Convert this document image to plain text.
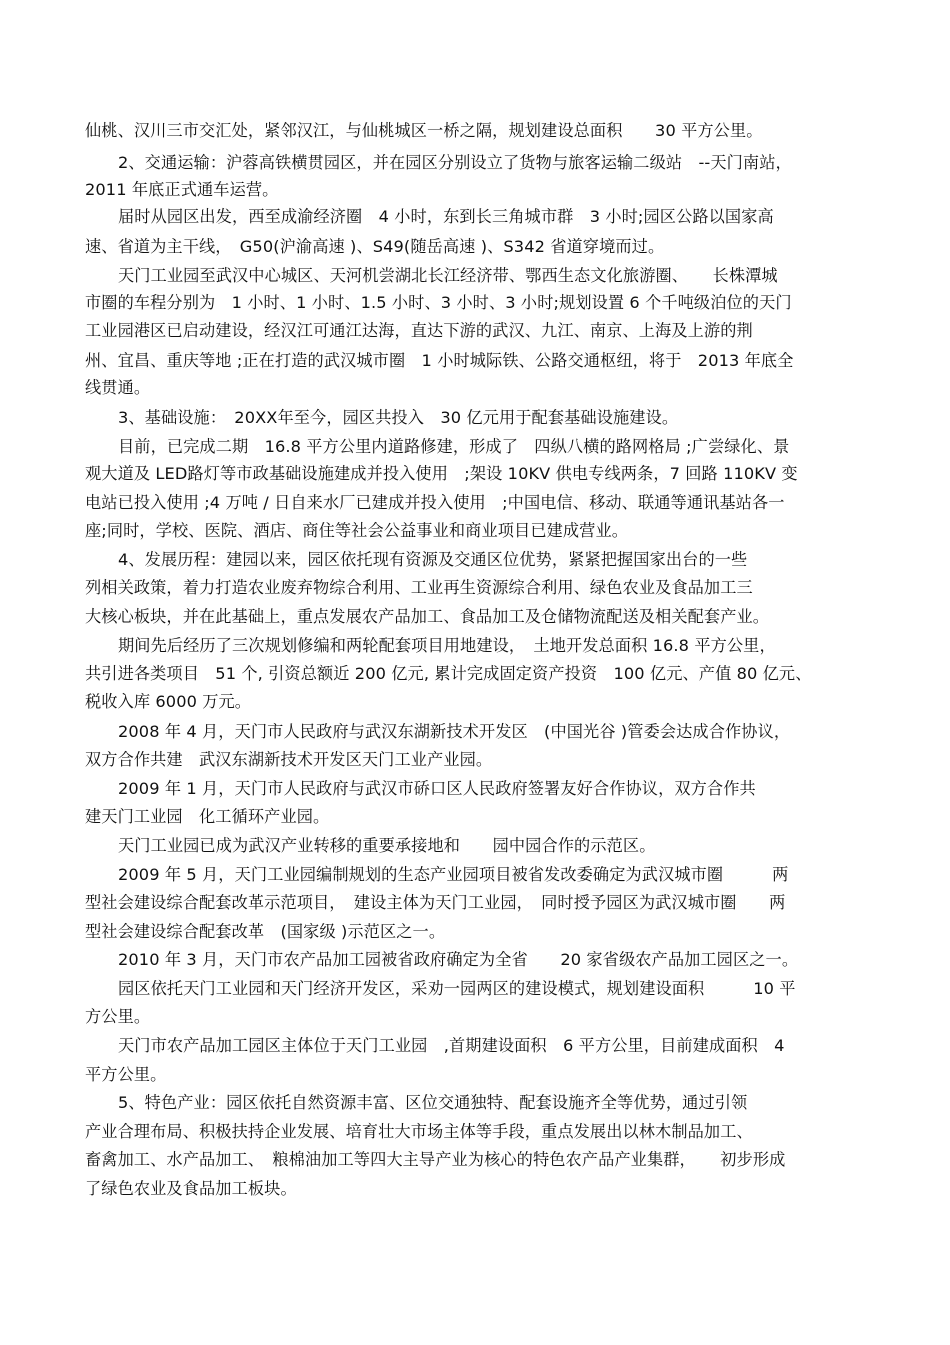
仙桃、汉川三市交汇处，紧邻汉江，与仙桃城区一桥之隔，规划建设总面积　　30 平方公里。
2、交通运输：沪蓉高铁横贯园区，并在园区分别设立了货物与旅客运输二级站　--天门南站，
2011 年底正式通车运营。
届时从园区出发，西至成渝经济圈　4 小时，东到长三角城市群　3 小时;园区公路以国家高
速、省道为主干线，　G50(沪渝高速 )、S49(随岳高速 )、S342 省道穿境而过。
天门工业园至武汉中心城区、天河机尝湖北长江经济带、鄂西生态文化旅游圈、　　长株潭城
市圈的车程分别为　1 小时、1 小时、1.5 小时、3 小时、3 小时;规划设置 6 个千吨级泊位的天门
工业园港区已启动建设，经汉江可通江达海，直达下游的武汉、九江、南京、上海及上游的荆
州、宜昌、重庆等地 ;正在打造的武汉城市圈　1 小时城际铁、公路交通枢纽，将于　2013 年底全
线贯通。
3、基础设施：　20XX年至今，园区共投入　30 亿元用于配套基础设施建设。
目前，已完成二期　16.8 平方公里内道路修建，形成了　四纵八横的路网格局 ;广尝绿化、景
观大道及 LED路灯等市政基础设施建成并投入使用　;架设 10KV 供电专线两条，7 回路 110KV 变
电站已投入使用 ;4 万吨 / 日自来水厂已建成并投入使用　;中国电信、移动、联通等通讯基站各一
座;同时，学校、医院、酒店、商住等社会公益事业和商业项目已建成营业。
4、发展历程：建园以来，园区依托现有资源及交通区位优势，紧紧把握国家出台的一些
列相关政策，着力打造农业废弃物综合利用、工业再生资源综合利用、绿色农业及食品加工三
大核心板块，并在此基础上，重点发展农产品加工、食品加工及仓储物流配送及相关配套产业。
期间先后经历了三次规划修编和两轮配套项目用地建设，　土地开发总面积 16.8 平方公里，
共引进各类项目　51 个, 引资总额近 200 亿元, 累计完成固定资产投资　100 亿元、产值 80 亿元、
税收入库 6000 万元。
2008 年 4 月，天门市人民政府与武汉东湖新技术开发区　(中国光谷 )管委会达成合作协议，
双方合作共建　武汉东湖新技术开发区天门工业产业园。
2009 年 1 月，天门市人民政府与武汉市硚口区人民政府签署友好合作协议，双方合作共
建天门工业园　化工循环产业园。
天门工业园已成为武汉产业转移的重要承接地和　　园中园合作的示范区。
2009 年 5 月，天门工业园编制规划的生态产业园项目被省发改委确定为武汉城市圈　　　两
型社会建设综合配套改革示范项目，　建设主体为天门工业园，　同时授予园区为武汉城市圈　　两
型社会建设综合配套改革　(国家级 )示范区之一。
2010 年 3 月，天门市农产品加工园被省政府确定为全省　　20 家省级农产品加工园区之一。
园区依托天门工业园和天门经济开发区，采劝一园两区的建设模式，规划建设面积　　　10 平
方公里。
天门市农产品加工园区主体位于天门工业园　,首期建设面积　6 平方公里，目前建成面积　4
平方公里。
5、特色产业：园区依托自然资源丰富、区位交通独特、配套设施齐全等优势，通过引领
产业合理布局、积极扶持企业发展、培育壮大市场主体等手段，重点发展出以林木制品加工、
畜禽加工、水产品加工、　粮棉油加工等四大主导产业为核心的特色农产品产业集群，　　初步形成
了绿色农业及食品加工板块。
